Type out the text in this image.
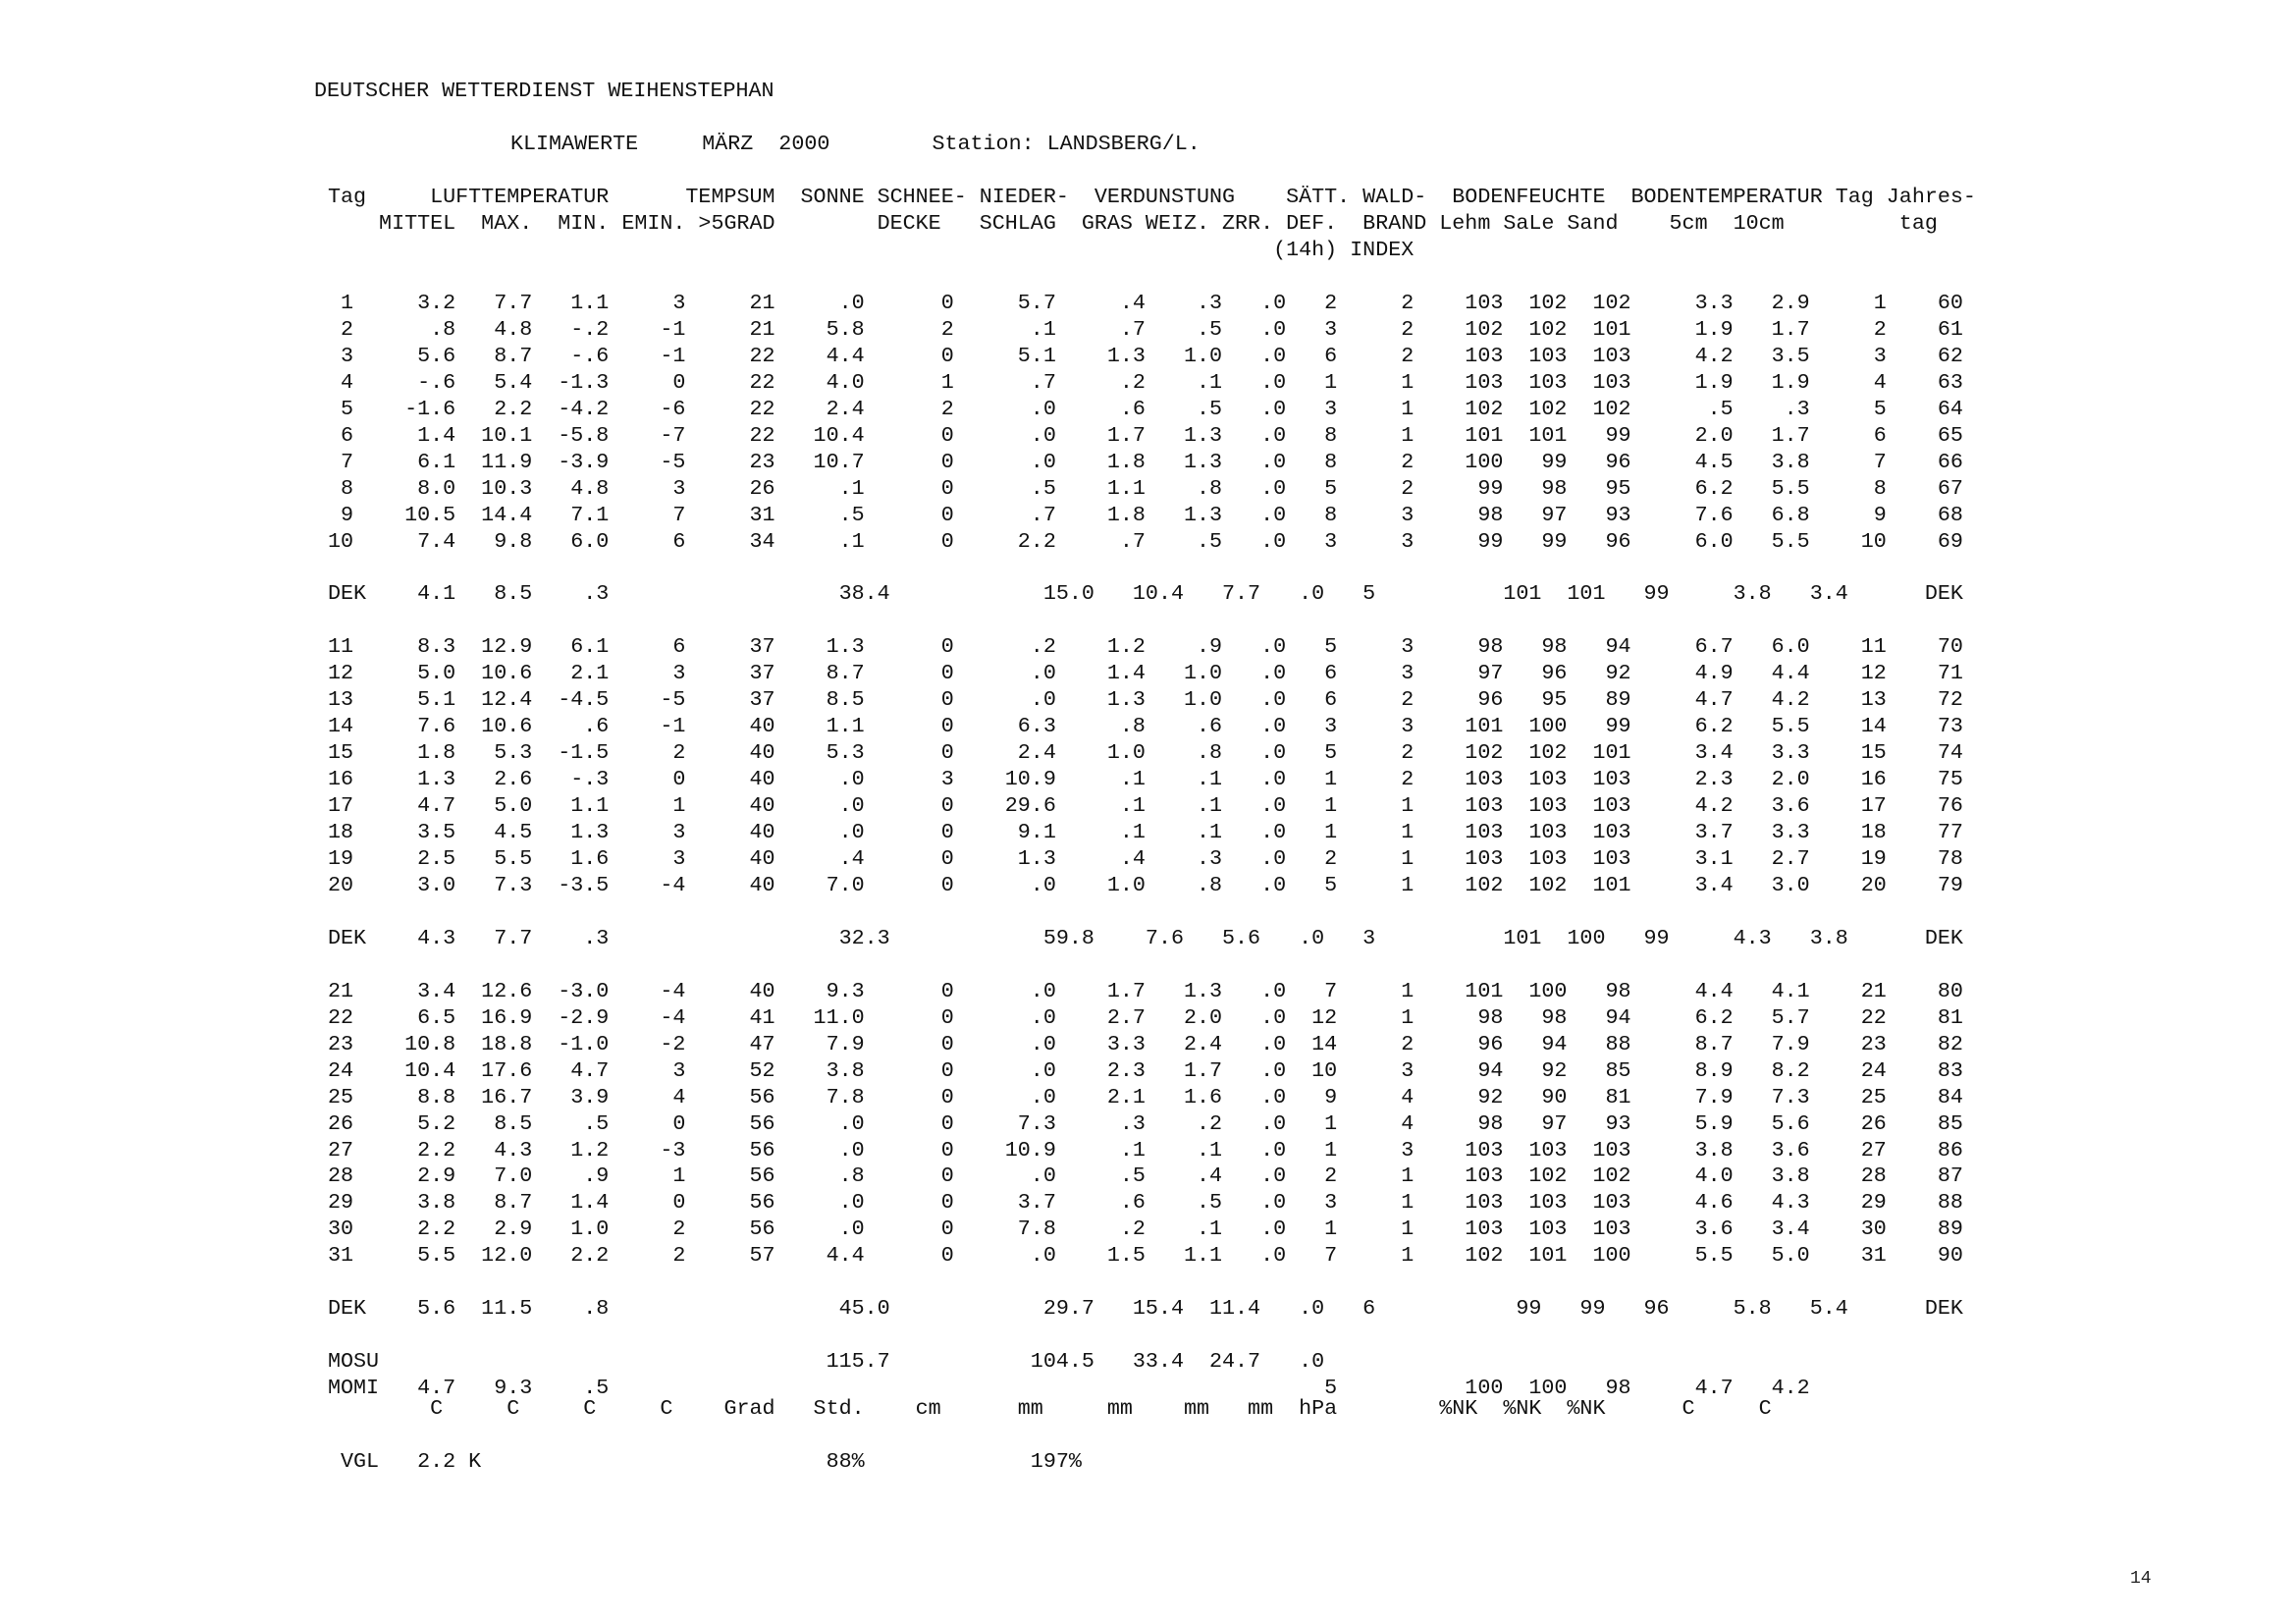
DEUTSCHER WETTERDIENST WEIHENSTEPHAN
KLIMAWERTE     MÄRZ  2000        Station: LANDSBERG/L.
Tag     LUFTTEMPERATUR      TEMPSUM  SONNE SCHNEE- NIEDER-  VERDUNSTUNG    SÄTT. WALD-  BODENFEUCHTE  BODENTEMPERATUR Tag Jahres-
MITTEL  MAX.  MIN. EMIN. >5GRAD        DECKE   SCHLAG  GRAS WEIZ. ZRR. DEF.  BRAND Lehm SaLe Sand    5cm  10cm         tag
(14h) INDEX
1     3.2   7.7   1.1     3     21     .0      0     5.7     .4    .3   .0   2     2    103  102  102     3.3   2.9     1    60
2      .8   4.8   -.2    -1     21    5.8      2      .1     .7    .5   .0   3     2    102  102  101     1.9   1.7     2    61
3     5.6   8.7   -.6    -1     22    4.4      0     5.1    1.3   1.0   .0   6     2    103  103  103     4.2   3.5     3    62
4     -.6   5.4  -1.3     0     22    4.0      1      .7     .2    .1   .0   1     1    103  103  103     1.9   1.9     4    63
5    -1.6   2.2  -4.2    -6     22    2.4      2      .0     .6    .5   .0   3     1    102  102  102      .5    .3     5    64
6     1.4  10.1  -5.8    -7     22   10.4      0      .0    1.7   1.3   .0   8     1    101  101   99     2.0   1.7     6    65
7     6.1  11.9  -3.9    -5     23   10.7      0      .0    1.8   1.3   .0   8     2    100   99   96     4.5   3.8     7    66
8     8.0  10.3   4.8     3     26     .1      0      .5    1.1    .8   .0   5     2     99   98   95     6.2   5.5     8    67
9    10.5  14.4   7.1     7     31     .5      0      .7    1.8   1.3   .0   8     3     98   97   93     7.6   6.8     9    68
10     7.4   9.8   6.0     6     34     .1      0     2.2     .7    .5   .0   3     3     99   99   96     6.0   5.5    10    69

DEK    4.1   8.5    .3                  38.4            15.0   10.4   7.7   .0   5          101  101   99     3.8   3.4      DEK

11     8.3  12.9   6.1     6     37    1.3      0      .2    1.2    .9   .0   5     3     98   98   94     6.7   6.0    11    70
12     5.0  10.6   2.1     3     37    8.7      0      .0    1.4   1.0   .0   6     3     97   96   92     4.9   4.4    12    71
13     5.1  12.4  -4.5    -5     37    8.5      0      .0    1.3   1.0   .0   6     2     96   95   89     4.7   4.2    13    72
14     7.6  10.6    .6    -1     40    1.1      0     6.3     .8    .6   .0   3     3    101  100   99     6.2   5.5    14    73
15     1.8   5.3  -1.5     2     40    5.3      0     2.4    1.0    .8   .0   5     2    102  102  101     3.4   3.3    15    74
16     1.3   2.6   -.3     0     40     .0      3    10.9     .1    .1   .0   1     2    103  103  103     2.3   2.0    16    75
17     4.7   5.0   1.1     1     40     .0      0    29.6     .1    .1   .0   1     1    103  103  103     4.2   3.6    17    76
18     3.5   4.5   1.3     3     40     .0      0     9.1     .1    .1   .0   1     1    103  103  103     3.7   3.3    18    77
19     2.5   5.5   1.6     3     40     .4      0     1.3     .4    .3   .0   2     1    103  103  103     3.1   2.7    19    78
20     3.0   7.3  -3.5    -4     40    7.0      0      .0    1.0    .8   .0   5     1    102  102  101     3.4   3.0    20    79

DEK    4.3   7.7    .3                  32.3            59.8    7.6   5.6   .0   3          101  100   99     4.3   3.8      DEK

21     3.4  12.6  -3.0    -4     40    9.3      0      .0    1.7   1.3   .0   7     1    101  100   98     4.4   4.1    21    80
22     6.5  16.9  -2.9    -4     41   11.0      0      .0    2.7   2.0   .0  12     1     98   98   94     6.2   5.7    22    81
23    10.8  18.8  -1.0    -2     47    7.9      0      .0    3.3   2.4   .0  14     2     96   94   88     8.7   7.9    23    82
24    10.4  17.6   4.7     3     52    3.8      0      .0    2.3   1.7   .0  10     3     94   92   85     8.9   8.2    24    83
25     8.8  16.7   3.9     4     56    7.8      0      .0    2.1   1.6   .0   9     4     92   90   81     7.9   7.3    25    84
26     5.2   8.5    .5     0     56     .0      0     7.3     .3    .2   .0   1     4     98   97   93     5.9   5.6    26    85
27     2.2   4.3   1.2    -3     56     .0      0    10.9     .1    .1   .0   1     3    103  103  103     3.8   3.6    27    86
28     2.9   7.0    .9     1     56     .8      0      .0     .5    .4   .0   2     1    103  102  102     4.0   3.8    28    87
29     3.8   8.7   1.4     0     56     .0      0     3.7     .6    .5   .0   3     1    103  103  103     4.6   4.3    29    88
30     2.2   2.9   1.0     2     56     .0      0     7.8     .2    .1   .0   1     1    103  103  103     3.6   3.4    30    89
31     5.5  12.0   2.2     2     57    4.4      0      .0    1.5   1.1   .0   7     1    102  101  100     5.5   5.0    31    90

DEK    5.6  11.5    .8                  45.0            29.7   15.4  11.4   .0   6           99   99   96     5.8   5.4      DEK

MOSU                                   115.7           104.5   33.4  24.7   .0
MOMI   4.7   9.3    .5                                                        5          100  100   98     4.7   4.2
C     C     C     C    Grad   Std.    cm      mm     mm    mm   mm  hPa        %NK  %NK  %NK      C     C
VGL   2.2 K                           88%             197%
14
